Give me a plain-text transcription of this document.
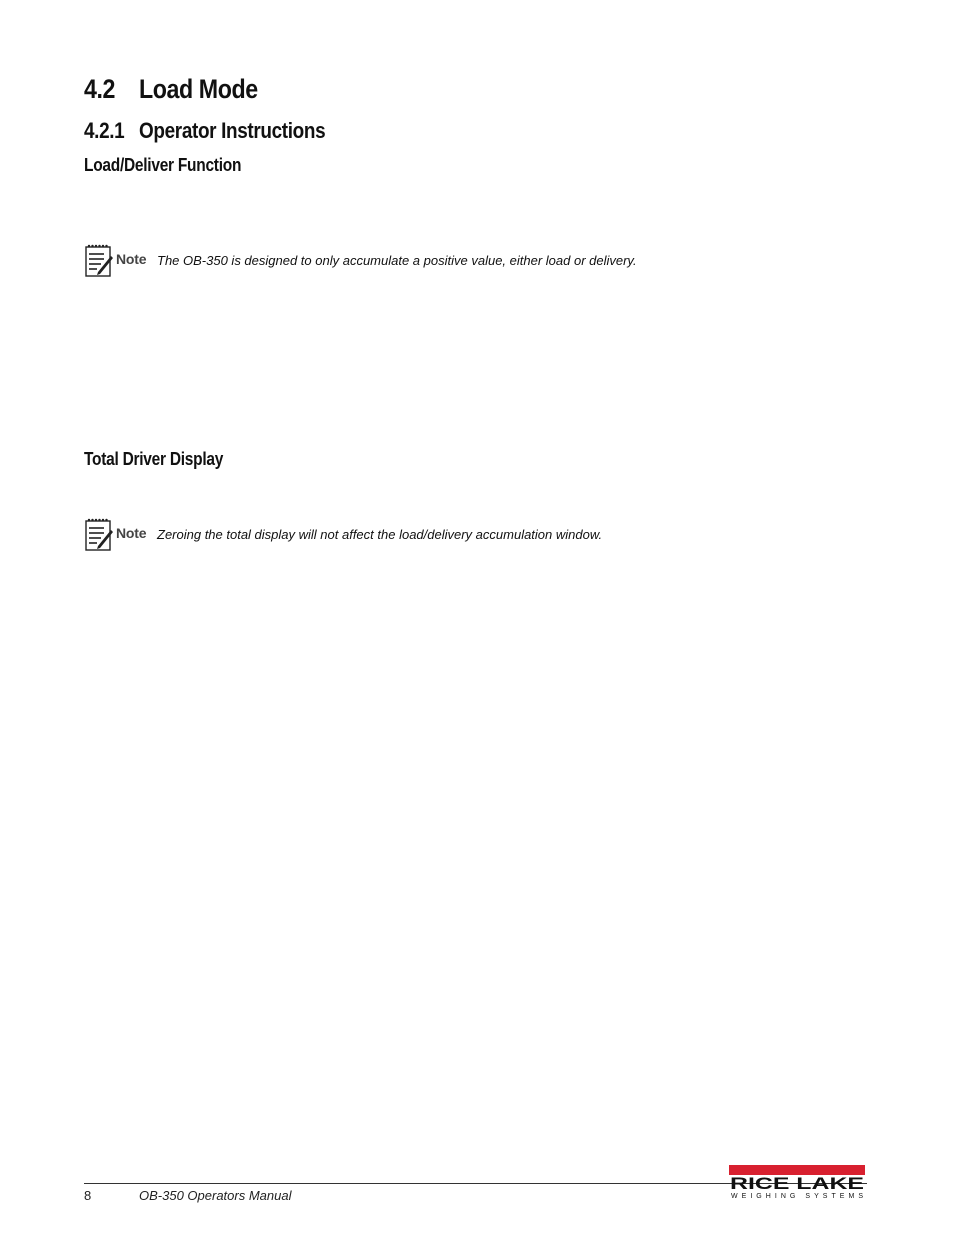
4.2 Load Mode
4.2.1 Operator Instructions
Load/Deliver Function
Note The OB-350 is designed to only accumulate a positive value, either load or delivery.
Total Driver Display
Note Zeroing the total display will not affect the load/delivery accumulation window.
8	OB-350 Operators Manual
RICE LAKE
WEIGHING SYSTEMS
